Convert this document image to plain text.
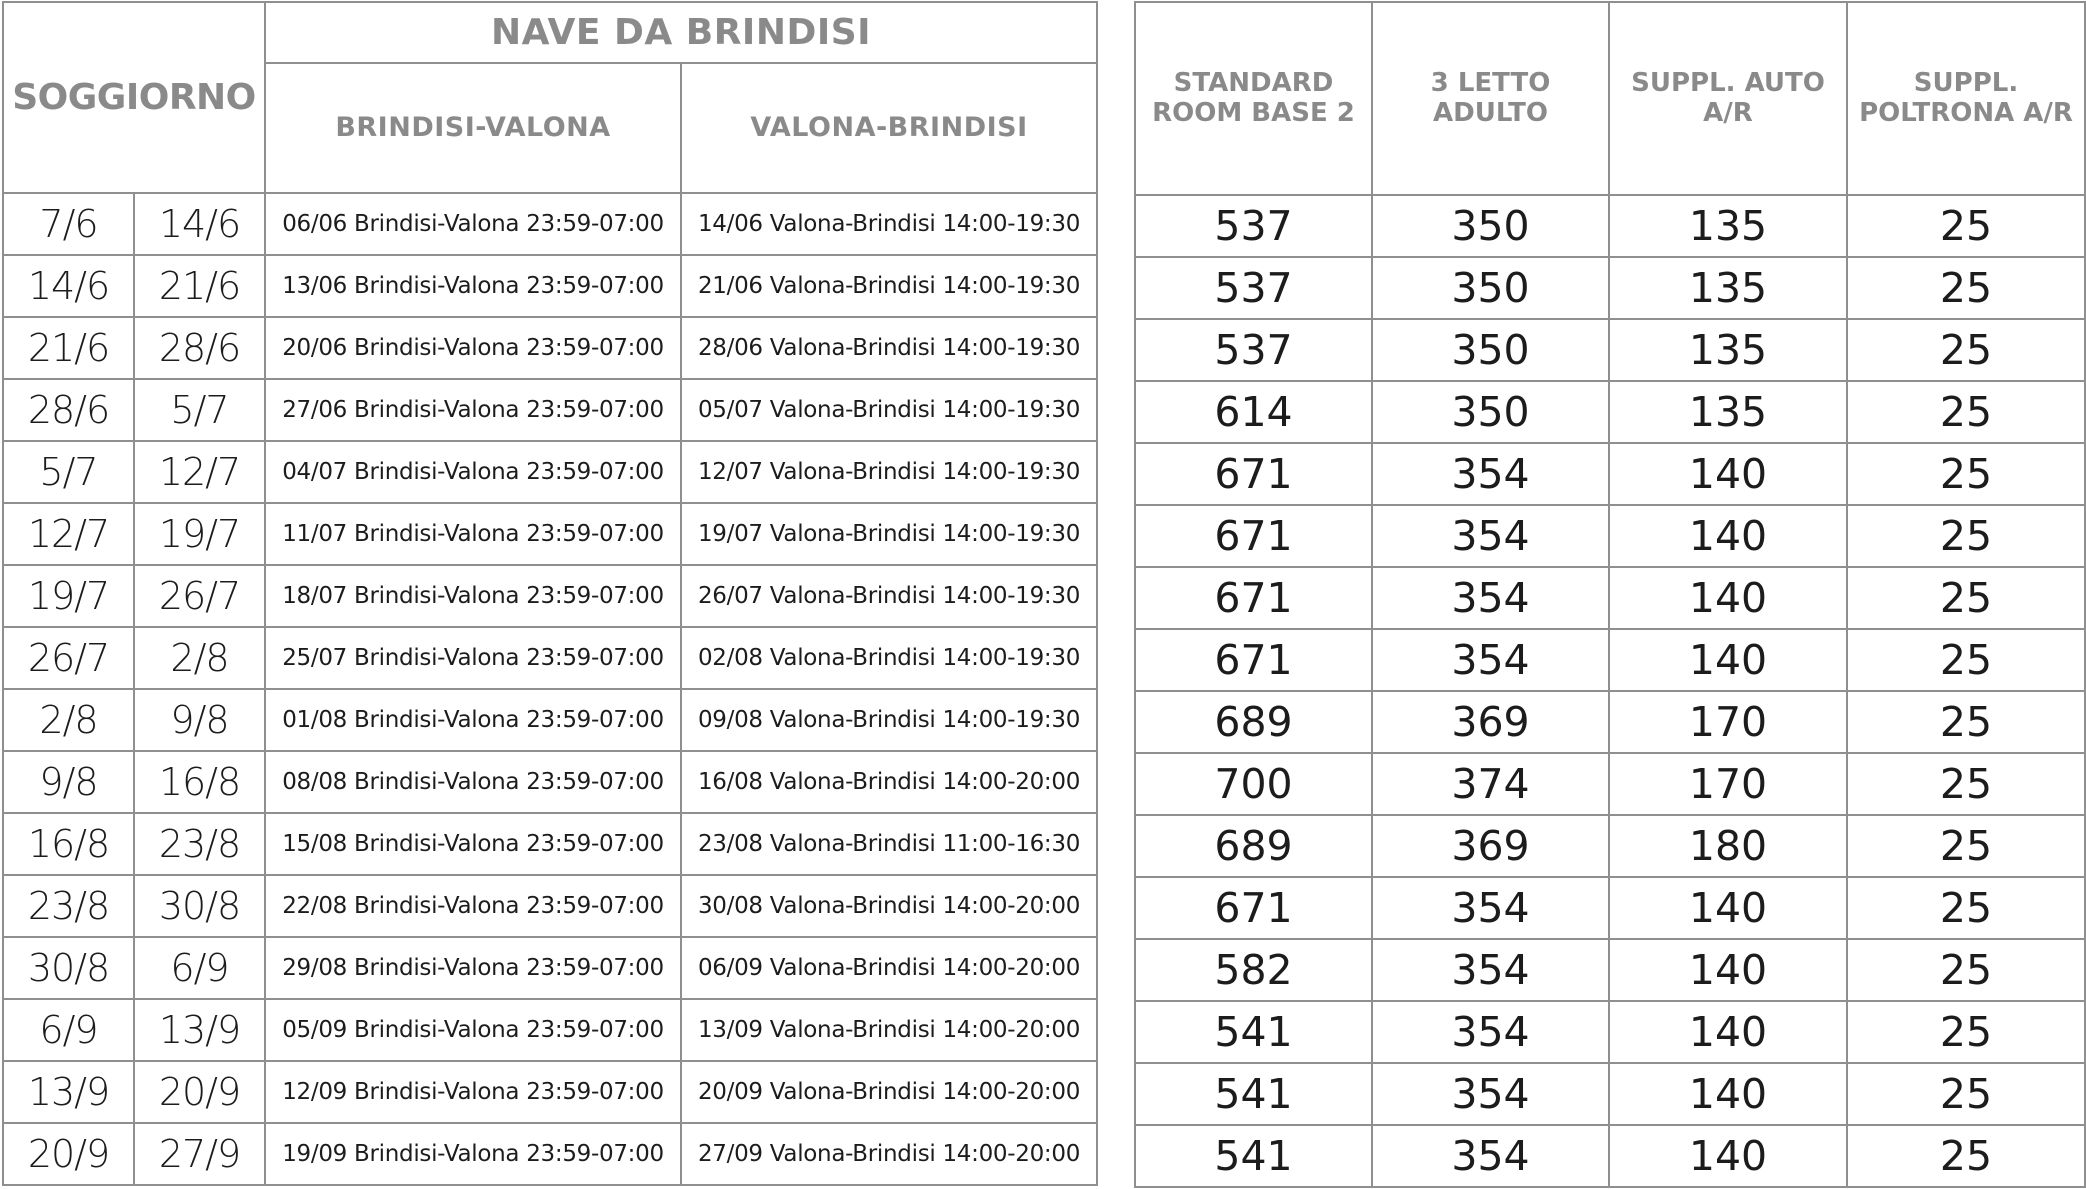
SOGGIORNO		NAVE DA BRINDISI	
		BRINDISI-VALONA	VALONA-BRINDISI
7/6	14/6	06/06 Brindisi-Valona 23:59-07:00	14/06 Valona-Brindisi 14:00-19:30
14/6	21/6	13/06 Brindisi-Valona 23:59-07:00	21/06 Valona-Brindisi 14:00-19:30
21/6	28/6	20/06 Brindisi-Valona 23:59-07:00	28/06 Valona-Brindisi 14:00-19:30
28/6	5/7	27/06 Brindisi-Valona 23:59-07:00	05/07 Valona-Brindisi 14:00-19:30
5/7	12/7	04/07 Brindisi-Valona 23:59-07:00	12/07 Valona-Brindisi 14:00-19:30
12/7	19/7	11/07 Brindisi-Valona 23:59-07:00	19/07 Valona-Brindisi 14:00-19:30
19/7	26/7	18/07 Brindisi-Valona 23:59-07:00	26/07 Valona-Brindisi 14:00-19:30
26/7	2/8	25/07 Brindisi-Valona 23:59-07:00	02/08 Valona-Brindisi 14:00-19:30
2/8	9/8	01/08 Brindisi-Valona 23:59-07:00	09/08 Valona-Brindisi 14:00-19:30
9/8	16/8	08/08 Brindisi-Valona 23:59-07:00	16/08 Valona-Brindisi 14:00-20:00
16/8	23/8	15/08 Brindisi-Valona 23:59-07:00	23/08 Valona-Brindisi 11:00-16:30
23/8	30/8	22/08 Brindisi-Valona 23:59-07:00	30/08 Valona-Brindisi 14:00-20:00
30/8	6/9	29/08 Brindisi-Valona 23:59-07:00	06/09 Valona-Brindisi 14:00-20:00
6/9	13/9	05/09 Brindisi-Valona 23:59-07:00	13/09 Valona-Brindisi 14:00-20:00
13/9	20/9	12/09 Brindisi-Valona 23:59-07:00	20/09 Valona-Brindisi 14:00-20:00
20/9	27/9	19/09 Brindisi-Valona 23:59-07:00	27/09 Valona-Brindisi 14:00-20:00
STANDARD ROOM BASE 2	3 LETTO ADULTO	SUPPL. AUTO A/R	SUPPL. POLTRONA A/R
537	350	135	25
537	350	135	25
537	350	135	25
614	350	135	25
671	354	140	25
671	354	140	25
671	354	140	25
671	354	140	25
689	369	170	25
700	374	170	25
689	369	180	25
671	354	140	25
582	354	140	25
541	354	140	25
541	354	140	25
541	354	140	25
